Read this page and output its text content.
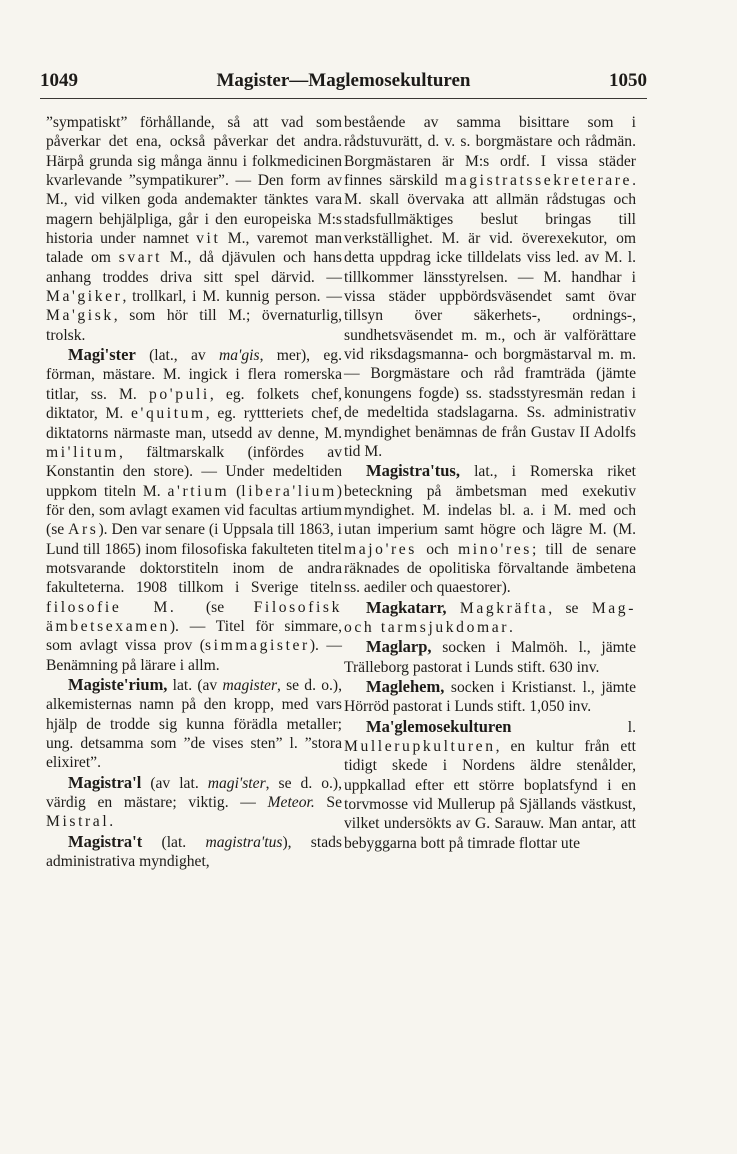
1049	Magister—Maglemosekulturen	1050

”sympatiskt” förhållande, så att vad som påverkar det ena, också påverkar det andra. Härpå grunda sig många ännu i folkmedicinen kvarlevande ”sympatikurer”. — Den form av M., vid vilken goda andemakter tänktes vara magern behjälpliga, går i den europeiska M:s historia under namnet vit M., varemot man talade om svart M., då djävulen och hans anhang troddes driva sitt spel därvid. — Ma'giker, trollkarl, i M. kunnig person. — Ma'gisk, som hör till M.; övernaturlig, trolsk.

Magi'ster (lat., av ma'gis, mer), eg. förman, mästare. M. ingick i flera romerska titlar, ss. M. po'puli, eg. folkets chef, diktator, M. e'quitum, eg. ryttteriets chef, diktatorns närmaste man, utsedd av denne, M. mi'litum, fältmarskalk (infördes av Konstantin den store). — Under medeltiden uppkom titeln M. a'rtium (libera'lium) för den, som avlagt examen vid facultas artium (se Ars). Den var senare (i Uppsala till 1863, i Lund till 1865) inom filosofiska fakulteten titel motsvarande doktorstiteln inom de andra fakulteterna. 1908 tillkom i Sverige titeln filosofie M. (se Filosofisk ämbetsexamen). — Titel för simmare, som avlagt vissa prov (simmagister). — Benämning på lärare i allm.

Magiste'rium, lat. (av magister, se d. o.), alkemisternas namn på den kropp, med vars hjälp de trodde sig kunna förädla metaller; ung. detsamma som ”de vises sten” l. ”stora elixiret”.

Magistra'l (av lat. magi'ster, se d. o.), värdig en mästare; viktig. — Meteor. Se Mistral.

Magistra't (lat. magistra'tus), stads administrativa myndighet,

bestående av samma bisittare som i rådstuvurätt, d. v. s. borgmästare och rådmän. Borgmästaren är M:s ordf. I vissa städer finnes särskild magistratssekreterare. M. skall övervaka att allmän rådstugas och stadsfullmäktiges beslut bringas till verkställighet. M. är vid. överexekutor, om detta uppdrag icke tilldelats viss led. av M. l. tillkommer länsstyrelsen. — M. handhar i vissa städer uppbördsväsendet samt övar tillsyn över säkerhets-, ordnings-, sundhetsväsendet m. m., och är valförättare vid riksdagsmanna- och borgmästarval m. m. — Borgmästare och råd framträda (jämte konungens fogde) ss. stadsstyresmän redan i de medeltida stadslagarna. Ss. administrativ myndighet benämnas de från Gustav II Adolfs tid M.

Magistra'tus, lat., i Romerska riket beteckning på ämbetsman med exekutiv myndighet. M. indelas bl. a. i M. med och utan imperium samt högre och lägre M. (M. majo'res och mino'res; till de senare räknades de opolitiska förvaltande ämbetena ss. aediler och quaestorer).

Magkatarr, Magkräfta, se Mag- och tarmsjukdomar.

Maglarp, socken i Malmöh. l., jämte Trälleborg pastorat i Lunds stift. 630 inv.

Maglehem, socken i Kristianst. l., jämte Hörröd pastorat i Lunds stift. 1,050 inv.

Ma'glemosekulturen l. Mullerupkulturen, en kultur från ett tidigt skede i Nordens äldre stenålder, uppkallad efter ett större boplatsfynd i en torvmosse vid Mullerup på Själlands västkust, vilket undersökts av G. Sarauw. Man antar, att bebyggarna bott på timrade flottar ute
